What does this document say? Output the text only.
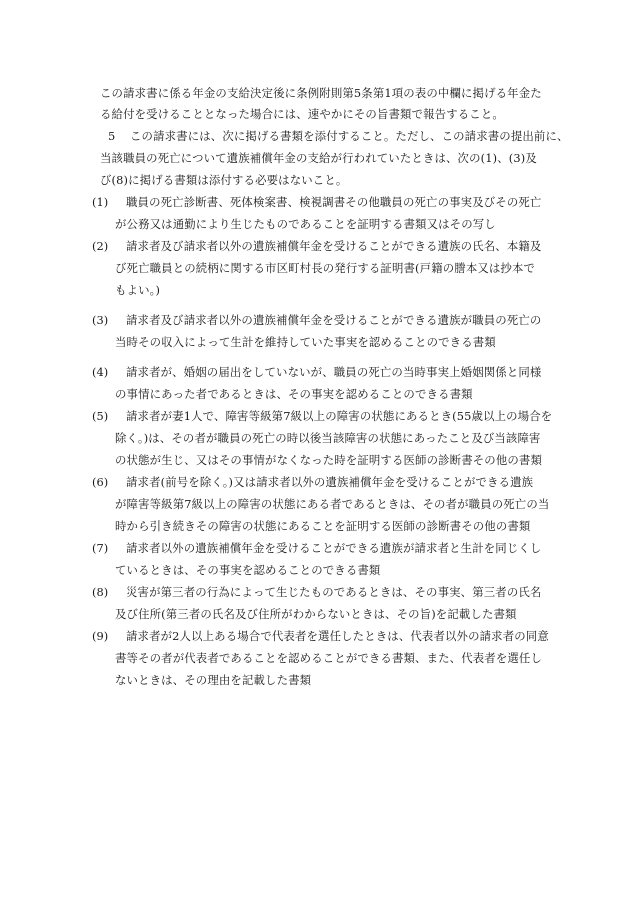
この請求書に係る年金の支給決定後に条例附則第5条第1項の表の中欄に掲げる年金た
る給付を受けることとなった場合には、速やかにその旨書類で報告すること。
5 この請求書には、次に掲げる書類を添付すること。ただし、この請求書の提出前に、
当該職員の死亡について遺族補償年金の支給が行われていたときは、次の(1)、(3)及
び(8)に掲げる書類は添付する必要はないこと。
(1) 職員の死亡診断書、死体検案書、検視調書その他職員の死亡の事実及びその死亡
が公務又は通勤により生じたものであることを証明する書類又はその写し
(2) 請求者及び請求者以外の遺族補償年金を受けることができる遺族の氏名、本籍及
び死亡職員との続柄に関する市区町村長の発行する証明書(戸籍の謄本又は抄本で
もよい。)
(3) 請求者及び請求者以外の遺族補償年金を受けることができる遺族が職員の死亡の
当時その収入によって生計を維持していた事実を認めることのできる書類
(4) 請求者が、婚姻の届出をしていないが、職員の死亡の当時事実上婚姻関係と同様
の事情にあった者であるときは、その事実を認めることのできる書類
(5) 請求者が妻1人で、障害等級第7級以上の障害の状態にあるとき(55歳以上の場合を
除く。)は、その者が職員の死亡の時以後当該障害の状態にあったこと及び当該障害
の状態が生じ、又はその事情がなくなった時を証明する医師の診断書その他の書類
(6) 請求者(前号を除く。)又は請求者以外の遺族補償年金を受けることができる遺族
が障害等級第7級以上の障害の状態にある者であるときは、その者が職員の死亡の当
時から引き続きその障害の状態にあることを証明する医師の診断書その他の書類
(7) 請求者以外の遺族補償年金を受けることができる遺族が請求者と生計を同じくし
ているときは、その事実を認めることのできる書類
(8) 災害が第三者の行為によって生じたものであるときは、その事実、第三者の氏名
及び住所(第三者の氏名及び住所がわからないときは、その旨)を記載した書類
(9) 請求者が2人以上ある場合で代表者を選任したときは、代表者以外の請求者の同意
書等その者が代表者であることを認めることができる書類、また、代表者を選任し
ないときは、その理由を記載した書類
